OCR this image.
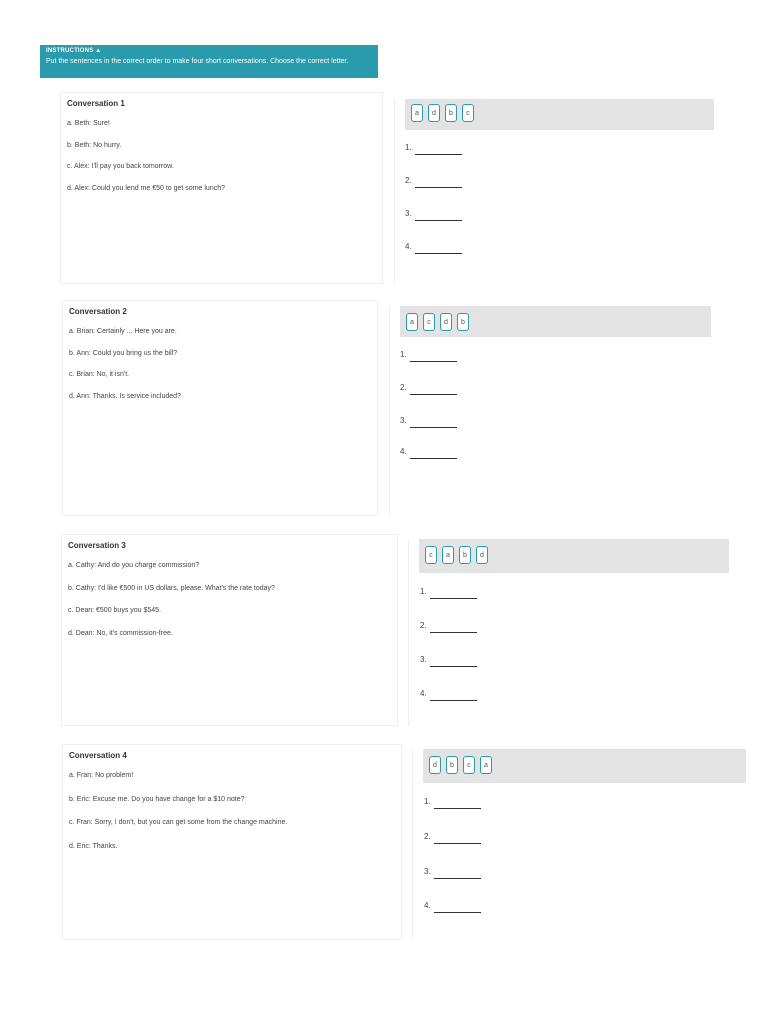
INSTRUCTIONS ▲
Put the sentences in the correct order to make four short conversations. Choose the correct letter.
Conversation 1
a. Beth: Sure!
b. Beth: No hurry.
c. Alex: I'll pay you back tomorrow.
d. Alex: Could you lend me €50 to get some lunch?
a	d	b	c
1.
2.
3.
4.
Conversation 2
a. Brian: Certainly ... Here you are.
b. Ann: Could you bring us the bill?
c. Brian: No, it isn't.
d. Ann: Thanks. Is service included?
a	c	d	b
1.
2.
3.
4.
Conversation 3
a. Cathy: And do you charge commission?
b. Cathy: I'd like €500 in US dollars, please. What's the rate today?
c. Dean: €500 buys you $545.
d. Dean: No, it's commission-free.
c	a	b	d
1.
2.
3.
4.
Conversation 4
a. Fran: No problem!
b. Eric: Excuse me. Do you have change for a $10 note?
c. Fran: Sorry, I don't, but you can get some from the change machine.
d. Eric: Thanks.
d	b	c	a
1.
2.
3.
4.
